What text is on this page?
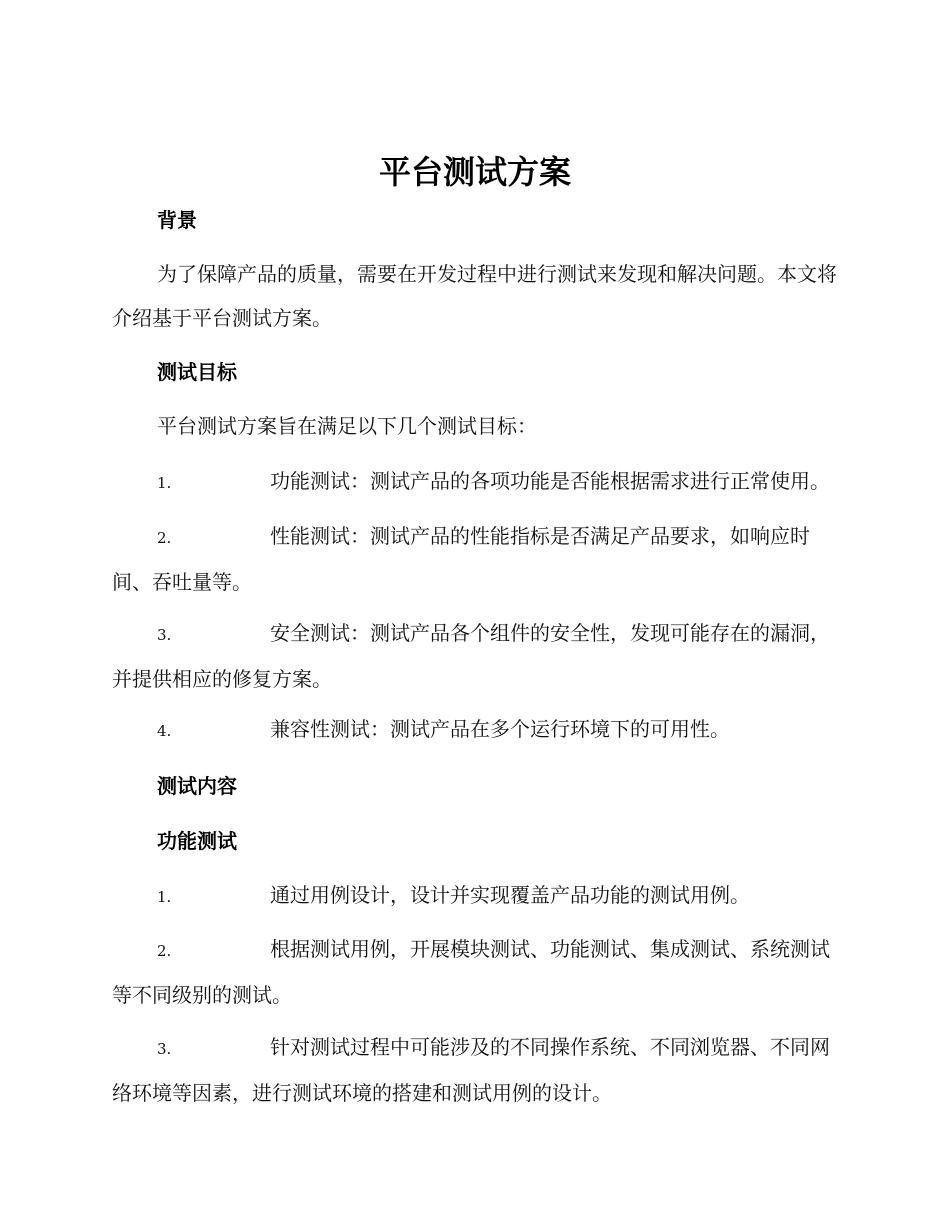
平台测试方案
背景
为了保障产品的质量，需要在开发过程中进行测试来发现和解决问题。本文将介绍基于平台测试方案。
测试目标
平台测试方案旨在满足以下几个测试目标：
1.	功能测试：测试产品的各项功能是否能根据需求进行正常使用。
2.	性能测试：测试产品的性能指标是否满足产品要求，如响应时间、吞吐量等。
3.	安全测试：测试产品各个组件的安全性，发现可能存在的漏洞，并提供相应的修复方案。
4.	兼容性测试：测试产品在多个运行环境下的可用性。
测试内容
功能测试
1.	通过用例设计，设计并实现覆盖产品功能的测试用例。
2.	根据测试用例，开展模块测试、功能测试、集成测试、系统测试等不同级别的测试。
3.	针对测试过程中可能涉及的不同操作系统、不同浏览器、不同网络环境等因素，进行测试环境的搭建和测试用例的设计。
